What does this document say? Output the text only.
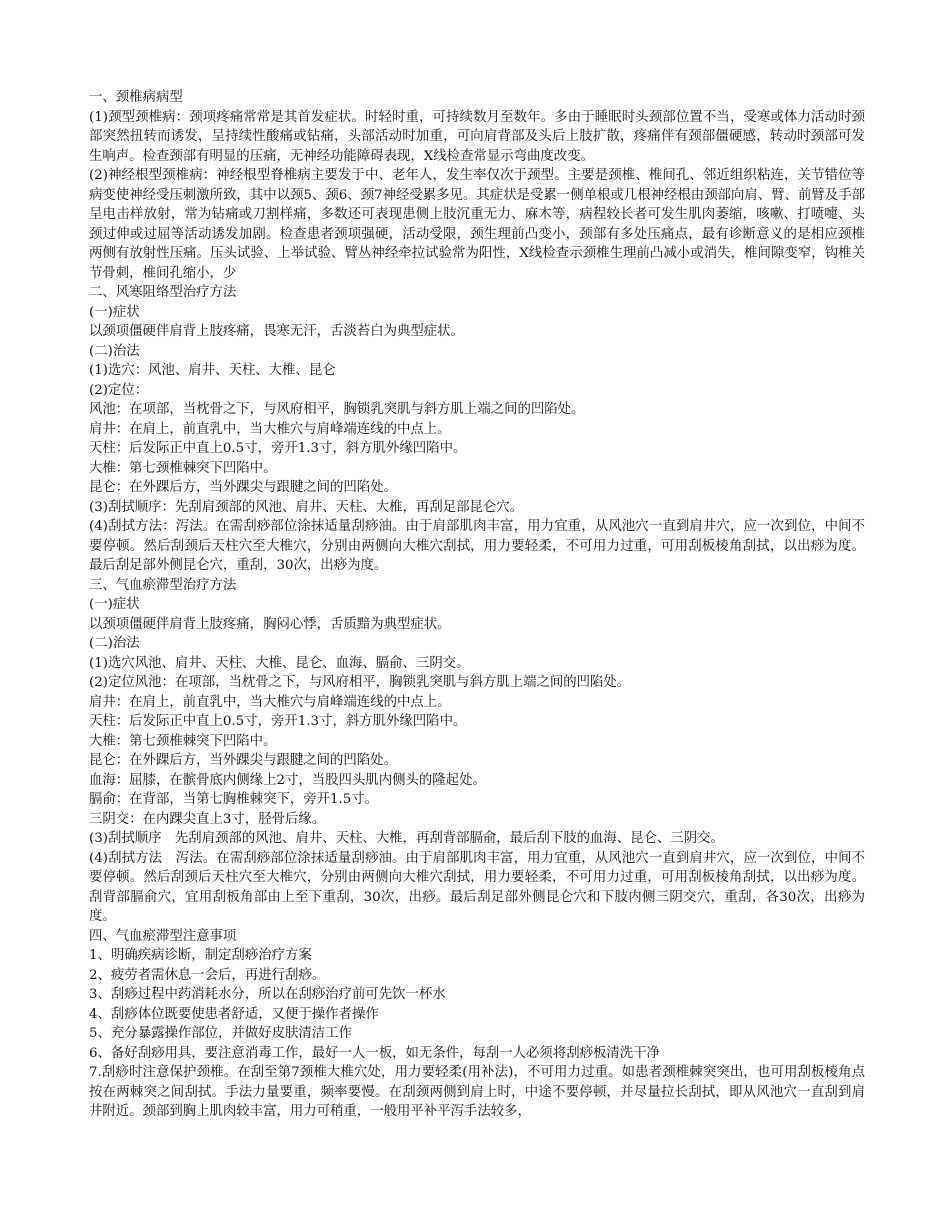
一、颈椎病病型

(1)颈型颈椎病：颈项疼痛常常是其首发症状。时轻时重，可持续数月至数年。多由于睡眠时头颈部位置不当，受寒或体力活动时颈部突然扭转而诱发，呈持续性酸痛或钻痛，头部活动时加重，可向肩背部及头后上肢扩散，疼痛伴有颈部僵硬感，转动时颈部可发生响声。检查颈部有明显的压痛，无神经功能障碍表现，X线检查常显示弯曲度改变。

(2)神经根型颈椎病：神经根型脊椎病主要发于中、老年人，发生率仅次于颈型。主要是颈椎、椎间孔、邻近组织粘连，关节错位等病变使神经受压刺激所致，其中以颈5、颈6、颈7神经受累多见。其症状是受累一侧单根或几根神经根由颈部向肩、臂、前臂及手部呈电击样放射，常为钻痛或刀割样痛，多数还可表现患侧上肢沉重无力、麻木等，病程较长者可发生肌肉萎缩，咳嗽、打喷嚏、头颈过伸或过屈等活动诱发加剧。检查患者颈项强硬，活动受限，颈生理前凸变小，颈部有多处压痛点，最有诊断意义的是相应颈椎两侧有放射性压痛。压头试验、上举试验、臂丛神经牵拉试验常为阳性，X线检查示颈椎生理前凸减小或消失，椎间隙变窄，钩椎关节骨刺，椎间孔缩小，少

二、风寒阻络型治疗方法

(一)症状

以颈项僵硬伴肩背上肢疼痛，畏寒无汗，舌淡苔白为典型症状。

(二)治法

(1)选穴：风池、肩井、天柱、大椎、昆仑

(2)定位：

风池：在项部，当枕骨之下，与风府相平，胸锁乳突肌与斜方肌上端之间的凹陷处。

肩井：在肩上，前直乳中，当大椎穴与肩峰端连线的中点上。

天柱：后发际正中直上0.5寸，旁开1.3寸，斜方肌外缘凹陷中。

大椎：第七颈椎棘突下凹陷中。

昆仑：在外踝后方，当外踝尖与跟腱之间的凹陷处。

(3)刮拭顺序：先刮肩颈部的风池、肩井、天柱、大椎，再刮足部昆仑穴。

(4)刮拭方法：泻法。在需刮痧部位涂抹适量刮痧油。由于肩部肌肉丰富，用力宜重，从风池穴一直到肩井穴，应一次到位，中间不要停顿。然后刮颈后天柱穴至大椎穴，分别由两侧向大椎穴刮拭，用力要轻柔，不可用力过重，可用刮板棱角刮拭，以出痧为度。最后刮足部外侧昆仑穴，重刮，30次，出痧为度。

三、气血瘀滞型治疗方法

(一)症状

以颈项僵硬伴肩背上肢疼痛，胸闷心悸，舌质黯为典型症状。

(二)治法

(1)选穴风池、肩井、天柱、大椎、昆仑、血海、膈俞、三阴交。

(2)定位风池：在项部，当枕骨之下，与风府相平，胸锁乳突肌与斜方肌上端之间的凹陷处。

肩井：在肩上，前直乳中，当大椎穴与肩峰端连线的中点上。

天柱：后发际正中直上0.5寸，旁开1.3寸，斜方肌外缘凹陷中。

大椎：第七颈椎棘突下凹陷中。

昆仑：在外踝后方，当外踝尖与跟腱之间的凹陷处。

血海：屈膝，在髌骨底内侧缘上2寸，当股四头肌内侧头的隆起处。

膈俞：在背部，当第七胸椎棘突下，旁开1.5寸。

三阴交：在内踝尖直上3寸，胫骨后缘。

(3)刮拭顺序　先刮肩颈部的风池、肩井、天柱、大椎，再刮背部膈俞，最后刮下肢的血海、昆仑、三阴交。

(4)刮拭方法　泻法。在需刮痧部位涂抹适量刮痧油。由于肩部肌肉丰富，用力宜重，从风池穴一直到肩井穴，应一次到位，中间不要停顿。然后刮颈后天柱穴至大椎穴，分别由两侧向大椎穴刮拭，用力要轻柔，不可用力过重，可用刮板棱角刮拭，以出痧为度。刮背部膈俞穴，宜用刮板角部由上至下重刮，30次，出痧。最后刮足部外侧昆仑穴和下肢内侧三阴交穴，重刮，各30次，出痧为度。

四、气血瘀滞型注意事项

1、明确疾病诊断，制定刮痧治疗方案

2、疲劳者需休息一会后，再进行刮痧。

3、刮痧过程中药消耗水分，所以在刮痧治疗前可先饮一杯水

4、刮痧体位既要使患者舒适，又便于操作者操作

5、充分暴露操作部位，并做好皮肤清洁工作

6、备好刮痧用具，要注意消毒工作，最好一人一板，如无条件，每刮一人必须将刮痧板清洗干净

7.刮痧时注意保护颈椎。在刮至第7颈椎大椎穴处，用力要轻柔(用补法)，不可用力过重。如患者颈椎棘突突出，也可用刮板棱角点按在两棘突之间刮拭。手法力量要重，频率要慢。在刮颈两侧到肩上时，中途不要停顿，并尽量拉长刮拭，即从风池穴一直刮到肩井附近。颈部到胸上肌肉较丰富，用力可稍重，一般用平补平泻手法较多，
